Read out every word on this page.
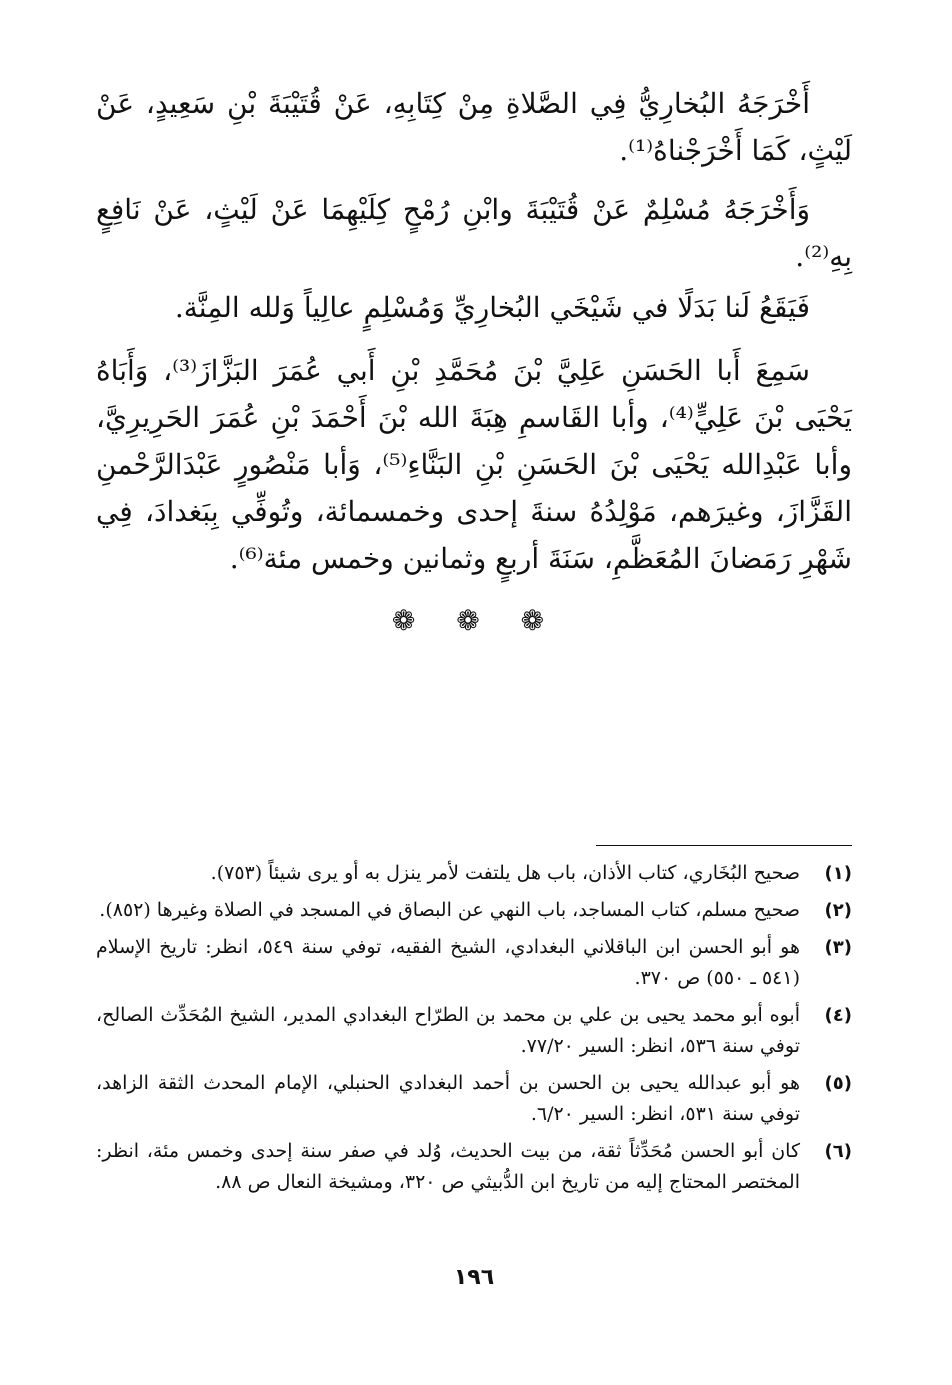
أَخْرَجَهُ البُخارِيُّ فِي الصَّلاةِ مِنْ كِتَابِهِ، عَنْ قُتَيْبَةَ بْنِ سَعِيدٍ، عَنْ لَيْثٍ، كَمَا أَخْرَجْناهُ⁽¹⁾.

وَأَخْرَجَهُ مُسْلِمٌ عَنْ قُتَيْبَةَ وابْنِ رُمْحٍ كِلَيْهِمَا عَنْ لَيْثٍ، عَنْ نَافِعٍ بِهِ⁽²⁾.

فَيَقَعُ لَنا بَدَلًا في شَيْخَي البُخارِيِّ وَمُسْلِمٍ عالِياً وَلله المِنَّة.

سَمِعَ أَبا الحَسَنِ عَلِيَّ بْنَ مُحَمَّدِ بْنِ أَبي عُمَرَ البَزَّازَ⁽³⁾، وَأَبَاهُ يَحْيَى بْنَ عَلِيٍّ⁽⁴⁾، وأبا القَاسمِ هِبَةَ الله بْنَ أَحْمَدَ بْنِ عُمَرَ الحَرِيرِيَّ، وأبا عَبْدِالله يَحْيَى بْنَ الحَسَنِ بْنِ البَنَّاءِ⁽⁵⁾، وَأبا مَنْصُورٍ عَبْدَالرَّحْمنِ القَزَّازَ، وغيرَهم، مَوْلِدُهُ سنةَ إحدى وخمسمائة، وتُوفِّي بِبَغدادَ، فِي شَهْرِ رَمَضانَ المُعَظَّمِ، سَنَةَ أربعٍ وثمانين وخمس مئة⁽⁶⁾.

❁ ❁ ❁
(١)
صحيح البُخَاري، كتاب الأذان، باب هل يلتفت لأمر ينزل به أو يرى شيئاً (٧٥٣).
(٢)
صحيح مسلم، كتاب المساجد، باب النهي عن البصاق في المسجد في الصلاة وغيرها (٨٥٢).
(٣)
هو أبو الحسن ابن الباقلاني البغدادي، الشيخ الفقيه، توفي سنة ٥٤٩، انظر: تاريخ الإسلام (٥٤١ ـ ٥٥٠) ص ٣٧٠.
(٤)
أبوه أبو محمد يحيى بن علي بن محمد بن الطرّاح البغدادي المدير، الشيخ المُحَدِّث الصالح، توفي سنة ٥٣٦، انظر: السير ٧٧/٢٠.
(٥)
هو أبو عبدالله يحيى بن الحسن بن أحمد البغدادي الحنبلي، الإمام المحدث الثقة الزاهد، توفي سنة ٥٣١، انظر: السير ٦/٢٠.
(٦)
كان أبو الحسن مُحَدِّثاً ثقة، من بيت الحديث، وُلد في صفر سنة إحدى وخمس مئة، انظر: المختصر المحتاج إليه من تاريخ ابن الدُّبيثي ص ٣٢٠، ومشيخة النعال ص ٨٨.
١٩٦
